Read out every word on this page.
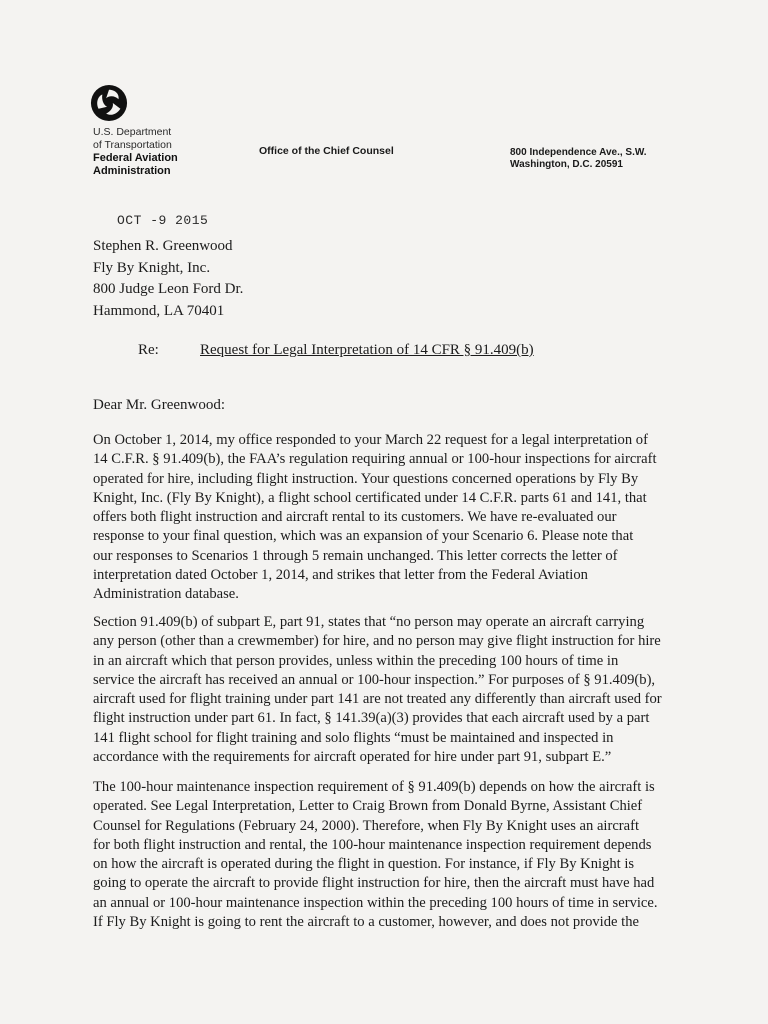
U.S. Department
of Transportation
Federal Aviation
Administration
Office of the Chief Counsel	800 Independence Ave., S.W.
Washington, D.C. 20591
OCT -9 2015
Stephen R. Greenwood
Fly By Knight, Inc.
800 Judge Leon Ford Dr.
Hammond, LA 70401
Re:	Request for Legal Interpretation of 14 CFR § 91.409(b)
Dear Mr. Greenwood:
On October 1, 2014, my office responded to your March 22 request for a legal interpretation of
14 C.F.R. § 91.409(b), the FAA’s regulation requiring annual or 100-hour inspections for aircraft
operated for hire, including flight instruction. Your questions concerned operations by Fly By
Knight, Inc. (Fly By Knight), a flight school certificated under 14 C.F.R. parts 61 and 141, that
offers both flight instruction and aircraft rental to its customers. We have re-evaluated our
response to your final question, which was an expansion of your Scenario 6. Please note that
our responses to Scenarios 1 through 5 remain unchanged. This letter corrects the letter of
interpretation dated October 1, 2014, and strikes that letter from the Federal Aviation
Administration database.
Section 91.409(b) of subpart E, part 91, states that “no person may operate an aircraft carrying
any person (other than a crewmember) for hire, and no person may give flight instruction for hire
in an aircraft which that person provides, unless within the preceding 100 hours of time in
service the aircraft has received an annual or 100-hour inspection.” For purposes of § 91.409(b),
aircraft used for flight training under part 141 are not treated any differently than aircraft used for
flight instruction under part 61. In fact, § 141.39(a)(3) provides that each aircraft used by a part
141 flight school for flight training and solo flights “must be maintained and inspected in
accordance with the requirements for aircraft operated for hire under part 91, subpart E.”
The 100-hour maintenance inspection requirement of § 91.409(b) depends on how the aircraft is
operated. See Legal Interpretation, Letter to Craig Brown from Donald Byrne, Assistant Chief
Counsel for Regulations (February 24, 2000). Therefore, when Fly By Knight uses an aircraft
for both flight instruction and rental, the 100-hour maintenance inspection requirement depends
on how the aircraft is operated during the flight in question. For instance, if Fly By Knight is
going to operate the aircraft to provide flight instruction for hire, then the aircraft must have had
an annual or 100-hour maintenance inspection within the preceding 100 hours of time in service.
If Fly By Knight is going to rent the aircraft to a customer, however, and does not provide the
